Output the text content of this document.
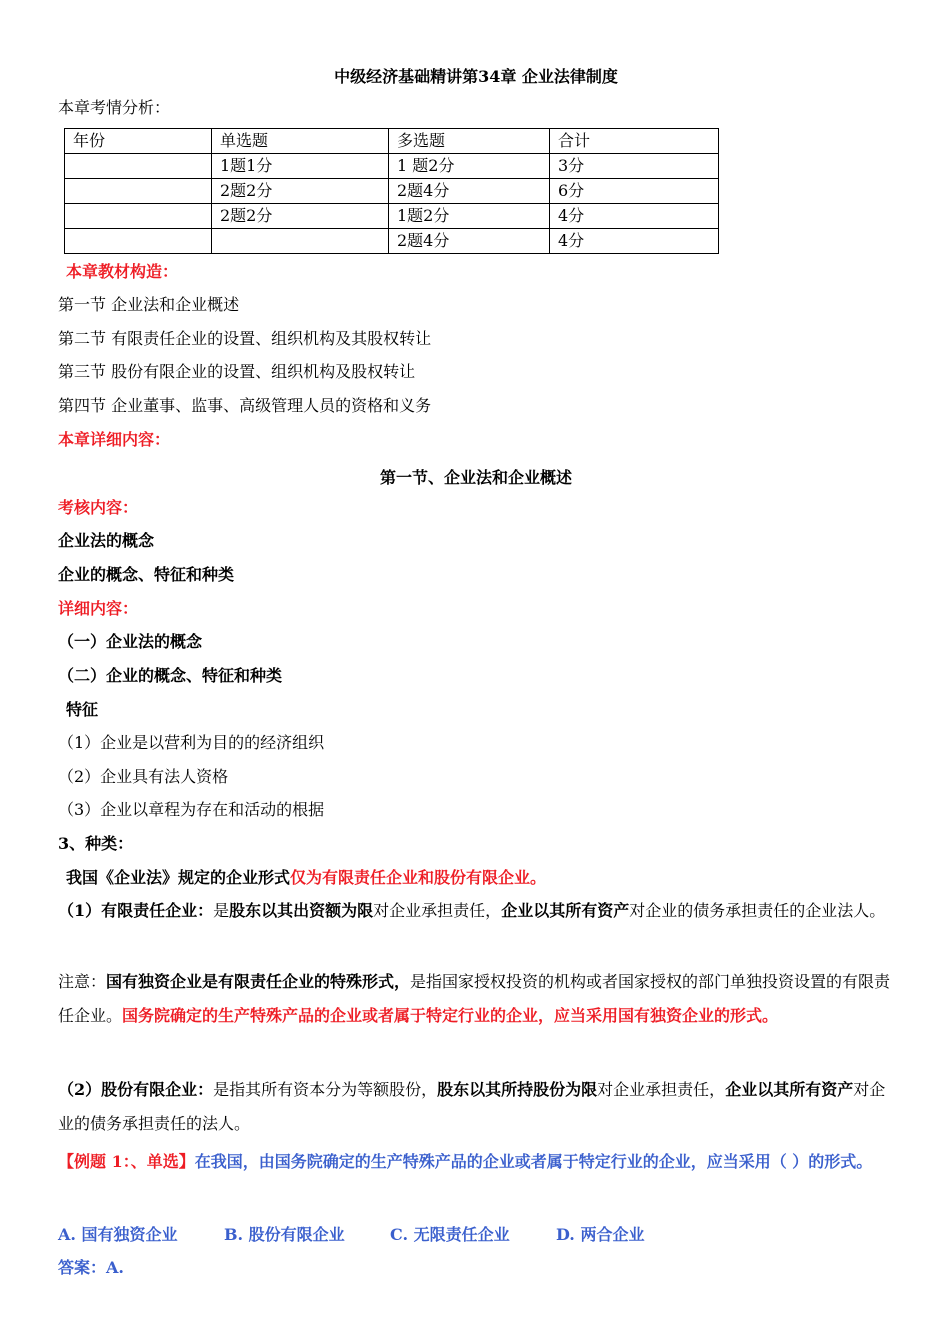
中级经济基础精讲第34章 企业法律制度
本章考情分析：
年份	单选题	多选题	合计
	1题1分	1 题2分	3分
	2题2分	2题4分	6分
	2题2分	1题2分	4分
		2题4分	4分
本章教材构造：
第一节 企业法和企业概述
第二节 有限责任企业的设置、组织机构及其股权转让
第三节 股份有限企业的设置、组织机构及股权转让
第四节 企业董事、监事、高级管理人员的资格和义务
本章详细内容：
第一节、企业法和企业概述
考核内容：
企业法的概念
企业的概念、特征和种类
详细内容：
（一）企业法的概念
（二）企业的概念、特征和种类
特征
（1）企业是以营利为目的的经济组织
（2）企业具有法人资格
（3）企业以章程为存在和活动的根据
3、种类：
我国《企业法》规定的企业形式仅为有限责任企业和股份有限企业。
（1）有限责任企业：是股东以其出资额为限对企业承担责任，企业以其所有资产对企业的债务承担责任的企业法人。
注意：国有独资企业是有限责任企业的特殊形式，是指国家授权投资的机构或者国家授权的部门单独投资设置的有限责任企业。国务院确定的生产特殊产品的企业或者属于特定行业的企业，应当采用国有独资企业的形式。
（2）股份有限企业：是指其所有资本分为等额股份，股东以其所持股份为限对企业承担责任，企业以其所有资产对企业的债务承担责任的法人。
【例题 1：、单选】在我国，由国务院确定的生产特殊产品的企业或者属于特定行业的企业，应当采用（ ）的形式。
A. 国有独资企业	B. 股份有限企业	C. 无限责任企业	D. 两合企业
答案：A.
